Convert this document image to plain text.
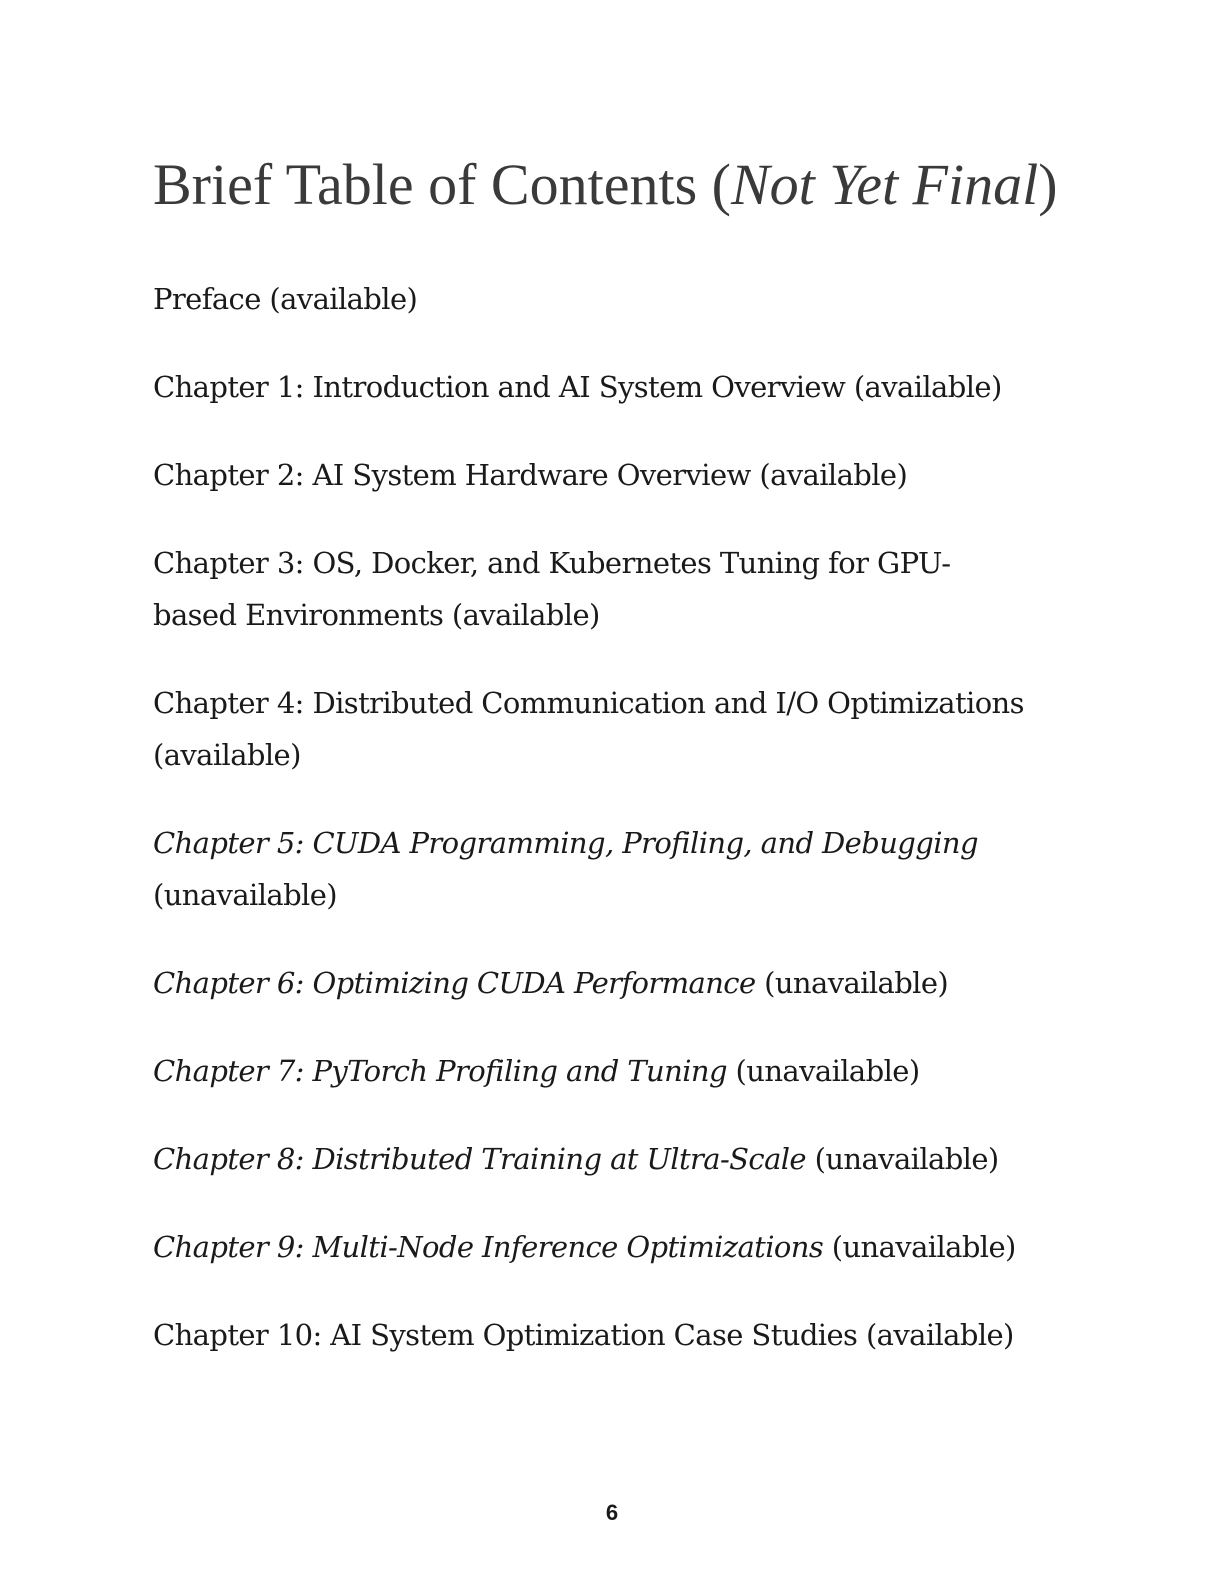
Brief Table of Contents (Not Yet Final)
Preface (available)
Chapter 1: Introduction and AI System Overview (available)
Chapter 2: AI System Hardware Overview (available)
Chapter 3: OS, Docker, and Kubernetes Tuning for GPU-based Environments (available)
Chapter 4: Distributed Communication and I/O Optimizations (available)
Chapter 5: CUDA Programming, Profiling, and Debugging (unavailable)
Chapter 6: Optimizing CUDA Performance (unavailable)
Chapter 7: PyTorch Profiling and Tuning (unavailable)
Chapter 8: Distributed Training at Ultra-Scale (unavailable)
Chapter 9: Multi-Node Inference Optimizations (unavailable)
Chapter 10: AI System Optimization Case Studies (available)
6
